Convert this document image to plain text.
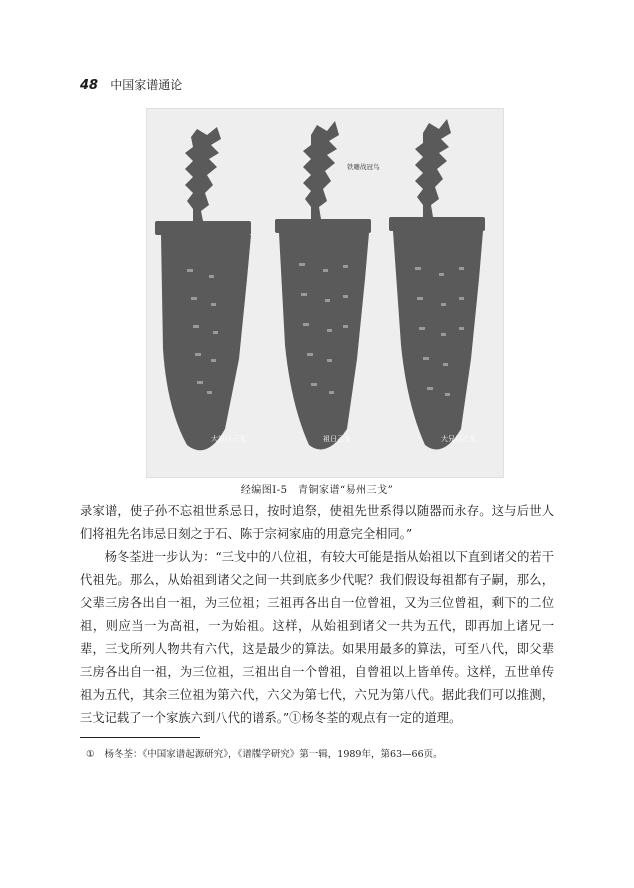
48 中国家谱通论
大祖日己戈	祖日乙戈	大兄日乙戈
铁雕战冠鸟
经编图Ⅰ-5　青铜家谱“易州三戈”

录家谱，使子孙不忘祖世系忌日，按时追祭，使祖先世系得以随器而永存。这与后世人们将祖先名讳忌日刻之于石、陈于宗祠家庙的用意完全相同。”

杨冬荃进一步认为：“三戈中的八位祖，有较大可能是指从始祖以下直到诸父的若干代祖先。那么，从始祖到诸父之间一共到底多少代呢？我们假设每祖都有子嗣，那么，父辈三房各出自一祖，为三位祖；三祖再各出自一位曾祖，又为三位曾祖，剩下的二位祖，则应当一为高祖，一为始祖。这样，从始祖到诸父一共为五代，即再加上诸兄一辈，三戈所列人物共有六代，这是最少的算法。如果用最多的算法，可至八代，即父辈三房各出自一祖，为三位祖，三祖出自一个曾祖，自曾祖以上皆单传。这样，五世单传祖为五代，其余三位祖为第六代，六父为第七代，六兄为第八代。据此我们可以推测，三戈记载了一个家族六到八代的谱系。”①杨冬荃的观点有一定的道理。

① 杨冬荃：《中国家谱起源研究》，《谱牒学研究》第一辑，1989年，第63—66页。
